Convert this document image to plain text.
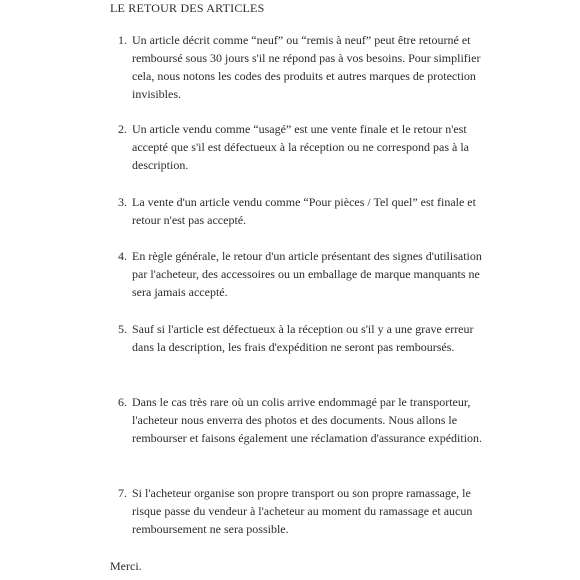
LE RETOUR DES ARTICLES
1. Un article décrit comme “neuf” ou “remis à neuf” peut être retourné et remboursé sous 30 jours s'il ne répond pas à vos besoins. Pour simplifier cela, nous notons les codes des produits et autres marques de protection invisibles.
2. Un article vendu comme “usagé” est une vente finale et le retour n'est accepté que s'il est défectueux à la réception ou ne correspond pas à la description.
3. La vente d'un article vendu comme “Pour pièces / Tel quel” est finale et retour n'est pas accepté.
4. En règle générale, le retour d'un article présentant des signes d'utilisation par l'acheteur, des accessoires ou un emballage de marque manquants ne sera jamais accepté.
5. Sauf si l'article est défectueux à la réception ou s'il y a une grave erreur dans la description, les frais d'expédition ne seront pas remboursés.
6. Dans le cas très rare où un colis arrive endommagé par le transporteur, l'acheteur nous enverra des photos et des documents. Nous allons le rembourser et faisons également une réclamation d'assurance expédition.
7. Si l'acheteur organise son propre transport ou son propre ramassage, le risque passe du vendeur à l'acheteur au moment du ramassage et aucun remboursement ne sera possible.

Merci.
